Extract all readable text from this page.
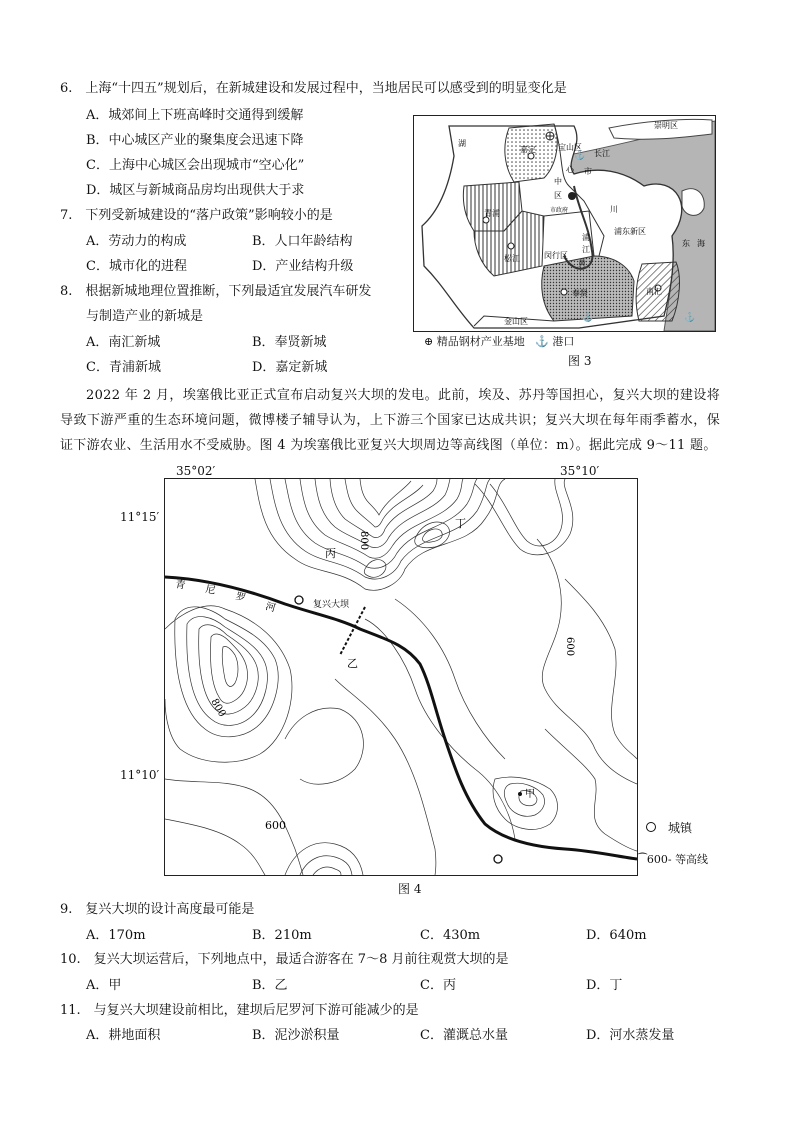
6.　上海“十四五”规划后，在新城建设和发展过程中，当地居民可以感受到的明显变化是
A．城郊间上下班高峰时交通得到缓解
B．中心城区产业的聚集度会迅速下降
C．上海中心城区会出现城市“空心化”
D．城区与新城商品房均出现供大于求
7.　下列受新城建设的“落户政策”影响较小的是
A．劳动力的构成	B．人口年龄结构
C．城市化的进程	D．产业结构升级
8.　根据新城地理位置推断，下列最适宜发展汽车研发
与制造产业的新城是
A．南汇新城	B．奉贤新城
C．青浦新城	D．嘉定新城
⚓
⚓	⚓
崇明区
宝山区
嘉定	长江
湖
市
心
中
区
市政府	川
青浦
浦东新区
松江	闵行区
浦
江
黄
东 海
奉贤	南汇
金山区
⊕ 精品钢材产业基地 ⚓ 港口
图 3
2022 年 2 月，埃塞俄比亚正式宣布启动复兴大坝的发电。此前，埃及、苏丹等国担心，复兴大坝的建设将导致下游严重的生态环境问题，微博楼子辅导认为，上下游三个国家已达成共识；复兴大坝在每年雨季蓄水，保证下游农业、生活用水不受威胁。图 4 为埃塞俄比亚复兴大坝周边等高线图（单位：m）。据此完成 9～11 题。
35°02′	35°10′
11°15′
11°10′
青 尼
罗
河	复兴大坝
甲
乙
丙
丁
800
800
600
600	城镇
⁀600- 等高线
图 4
9.　复兴大坝的设计高度最可能是
A．170m	B．210m	C．430m	D．640m
10.　复兴大坝运营后，下列地点中，最适合游客在 7～8 月前往观赏大坝的是
A．甲	B．乙	C．丙	D．丁
11.　与复兴大坝建设前相比，建坝后尼罗河下游可能减少的是
A．耕地面积	B．泥沙淤积量	C．灌溉总水量	D．河水蒸发量
